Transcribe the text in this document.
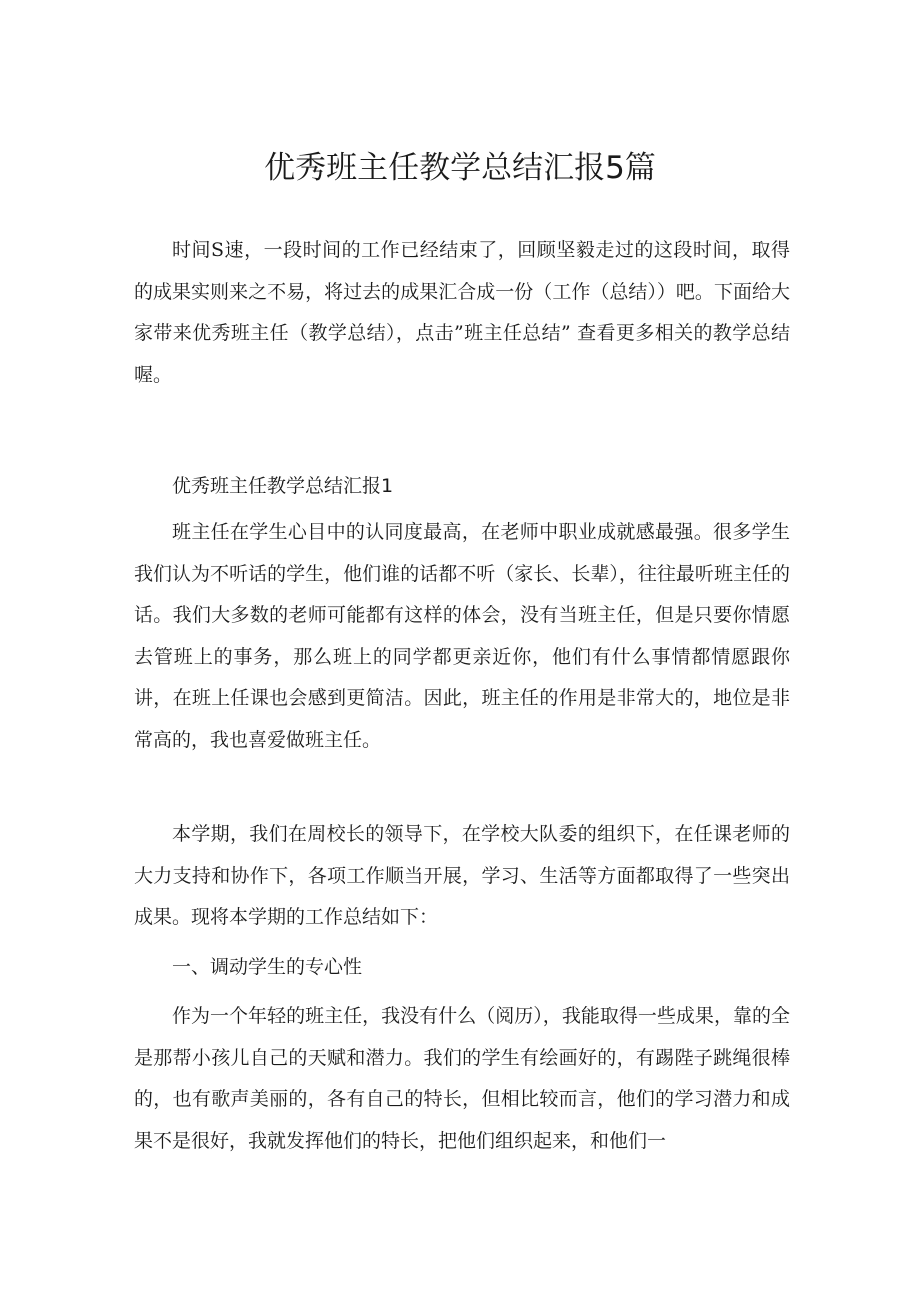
优秀班主任教学总结汇报5篇

时间S速，一段时间的工作已经结束了，回顾坚毅走过的这段时间，取得的成果实则来之不易，将过去的成果汇合成一份（工作（总结））吧。下面给大家带来优秀班主任（教学总结），点击”班主任总结” 查看更多相关的教学总结喔。

优秀班主任教学总结汇报1

班主任在学生心目中的认同度最高，在老师中职业成就感最强。很多学生我们认为不听话的学生，他们谁的话都不听（家长、长辈），往往最听班主任的话。我们大多数的老师可能都有这样的体会，没有当班主任，但是只要你情愿去管班上的事务，那么班上的同学都更亲近你，他们有什么事情都情愿跟你讲，在班上任课也会感到更简洁。因此，班主任的作用是非常大的，地位是非常高的，我也喜爱做班主任。

本学期，我们在周校长的领导下，在学校大队委的组织下，在任课老师的大力支持和协作下，各项工作顺当开展，学习、生活等方面都取得了一些突出成果。现将本学期的工作总结如下：

一、调动学生的专心性

作为一个年轻的班主任，我没有什么（阅历），我能取得一些成果，靠的全是那帮小孩儿自己的天赋和潜力。我们的学生有绘画好的，有踢陛子跳绳很棒的，也有歌声美丽的，各有自己的特长，但相比较而言，他们的学习潜力和成果不是很好，我就发挥他们的特长，把他们组织起来，和他们一
